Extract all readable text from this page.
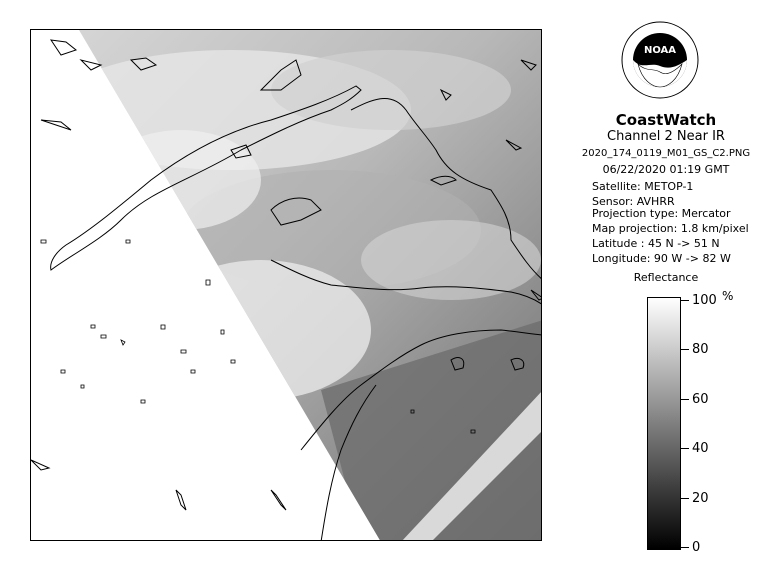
NOAA
CoastWatch
Channel 2 Near IR
2020_174_0119_M01_GS_C2.PNG
06/22/2020 01:19 GMT
Satellite: METOP-1
Sensor: AVHRR
Projection type: Mercator
Map projection: 1.8 km/pixel
Latitude : 45 N -> 51 N
Longitude: 90 W -> 82 W
Reflectance
%
100
80
60
40
20
0
